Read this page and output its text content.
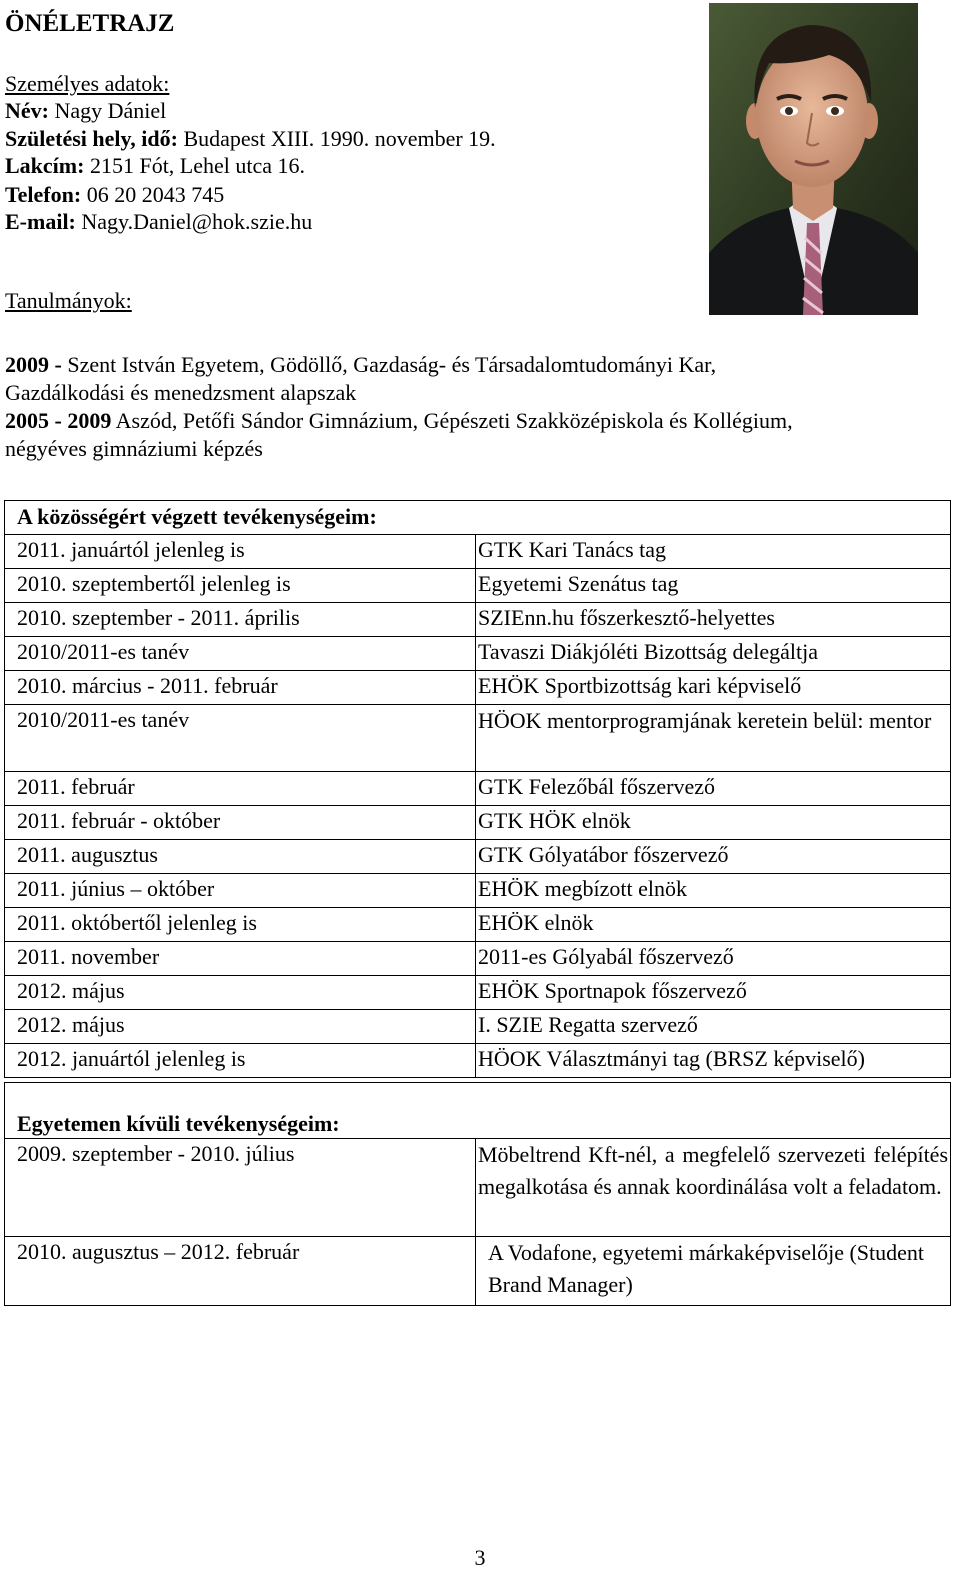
ÖNÉLETRAJZ
Személyes adatok:
Név: Nagy Dániel
Születési hely, idő: Budapest XIII. 1990. november 19.
Lakcím: 2151 Fót, Lehel utca 16.
Telefon: 06 20 2043 745
E-mail: Nagy.Daniel@hok.szie.hu
Tanulmányok:
2009 - Szent István Egyetem, Gödöllő, Gazdaság- és Társadalomtudományi Kar,
Gazdálkodási és menedzsment alapszak
2005 - 2009 Aszód, Petőfi Sándor Gimnázium, Gépészeti Szakközépiskola és Kollégium,
négyéves gimnáziumi képzés
A közösségért végzett tevékenységeim:	
2011. januártól jelenleg is	GTK Kari Tanács tag
2010. szeptembertől jelenleg is	Egyetemi Szenátus tag
2010. szeptember - 2011. április	SZIEnn.hu főszerkesztő-helyettes
2010/2011-es tanév	Tavaszi Diákjóléti Bizottság delegáltja
2010. március - 2011. február	EHÖK Sportbizottság kari képviselő
2010/2011-es tanév	HÖOK mentorprogramjának keretein belül: mentor

2011. február	GTK Felezőbál főszervező
2011. február - október	GTK HÖK elnök
2011. augusztus	GTK Gólyatábor főszervező
2011. június – október	EHÖK megbízott elnök
2011. októbertől jelenleg is	EHÖK elnök
2011. november	2011-es Gólyabál főszervező
2012. május	EHÖK Sportnapok főszervező
2012. május	I. SZIE Regatta szervező
2012. januártól jelenleg is	HÖOK Választmányi tag (BRSZ képviselő)
Egyetemen kívüli tevékenységeim:	
2009. szeptember - 2010. július	Möbeltrend Kft-nél, a megfelelő szervezeti felépítés megalkotása és annak koordinálása volt a feladatom.

2010. augusztus – 2012. február	A Vodafone, egyetemi márkaképviselője (Student Brand Manager)
3
